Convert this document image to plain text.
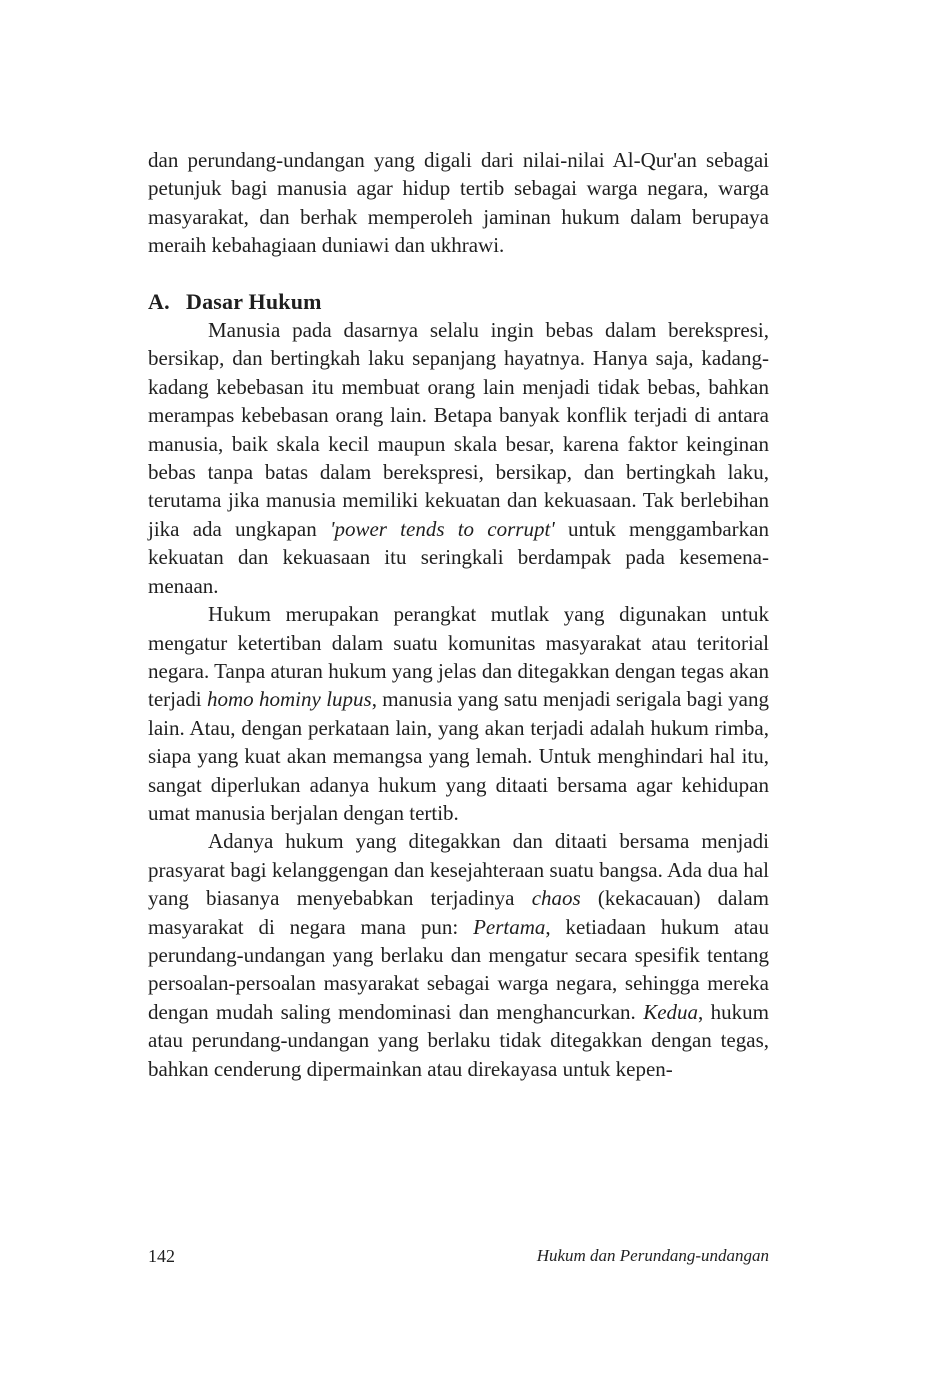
dan perundang-undangan yang digali dari nilai-nilai Al-Qur'an sebagai petunjuk bagi manusia agar hidup tertib sebagai warga negara, warga masyarakat, dan berhak memperoleh jaminan hukum dalam berupaya meraih kebahagiaan duniawi dan ukhrawi.

A. Dasar Hukum

Manusia pada dasarnya selalu ingin bebas dalam berekspresi, bersikap, dan bertingkah laku sepanjang hayatnya. Hanya saja, kadang-kadang kebebasan itu membuat orang lain menjadi tidak bebas, bahkan merampas kebebasan orang lain. Betapa banyak konflik terjadi di antara manusia, baik skala kecil maupun skala besar, karena faktor keinginan bebas tanpa batas dalam berekspresi, bersikap, dan bertingkah laku, terutama jika manusia memiliki kekuatan dan kekuasaan. Tak berlebihan jika ada ungkapan 'power tends to corrupt' untuk menggambarkan kekuatan dan kekuasaan itu seringkali berdampak pada kesemena-menaan.

Hukum merupakan perangkat mutlak yang digunakan untuk mengatur ketertiban dalam suatu komunitas masyarakat atau teritorial negara. Tanpa aturan hukum yang jelas dan ditegakkan dengan tegas akan terjadi homo hominy lupus, manusia yang satu menjadi serigala bagi yang lain. Atau, dengan perkataan lain, yang akan terjadi adalah hukum rimba, siapa yang kuat akan memangsa yang lemah. Untuk menghindari hal itu, sangat diperlukan adanya hukum yang ditaati bersama agar kehidupan umat manusia berjalan dengan tertib.

Adanya hukum yang ditegakkan dan ditaati bersama menjadi prasyarat bagi kelanggengan dan kesejahteraan suatu bangsa. Ada dua hal yang biasanya menyebabkan terjadinya chaos (kekacauan) dalam masyarakat di negara mana pun: Pertama, ketiadaan hukum atau perundang-undangan yang berlaku dan mengatur secara spesifik tentang persoalan-persoalan masyarakat sebagai warga negara, sehingga mereka dengan mudah saling mendominasi dan menghancurkan. Kedua, hukum atau perundang-undangan yang berlaku tidak ditegakkan dengan tegas, bahkan cenderung dipermainkan atau direkayasa untuk kepen-

142	Hukum dan Perundang-undangan
